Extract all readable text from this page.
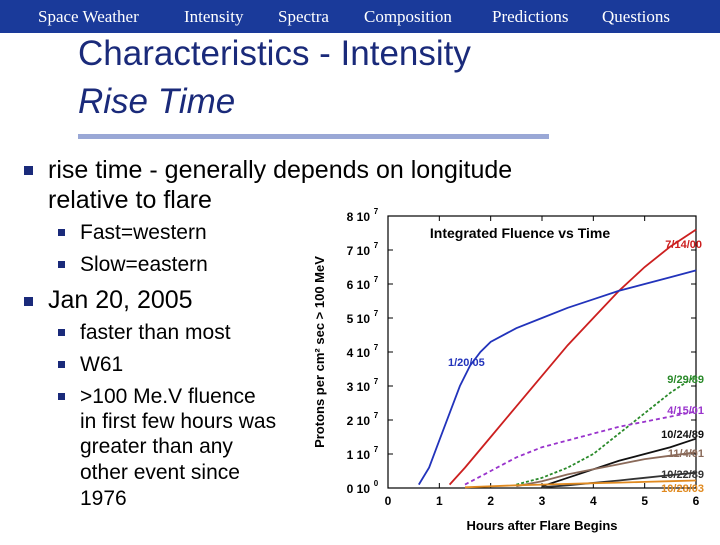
Space Weather	Intensity Spectra Composition Predictions Questions
Characteristics - Intensity
Rise Time
rise time - generally depends on longitude
relative to flare
Fast=western
Slow=eastern
Jan 20, 2005
faster than most
W61
>100 Me.V fluence
in first few hours was
greater than any
other event since
1976	0	1	2	3	4	5	6
0 10 0
1 10 7
2 10 7
3 10 7
4 10 7
5 10 7
6 10 7
7 10 7
8 10 7
7/14/00
1/20/05
9/29/89
4/15/01
10/24/89
11/4/01
10/22/89
10/28/03
Integrated Fluence vs Time
Hours after Flare Begins
Protons per cm² sec > 100 MeV
